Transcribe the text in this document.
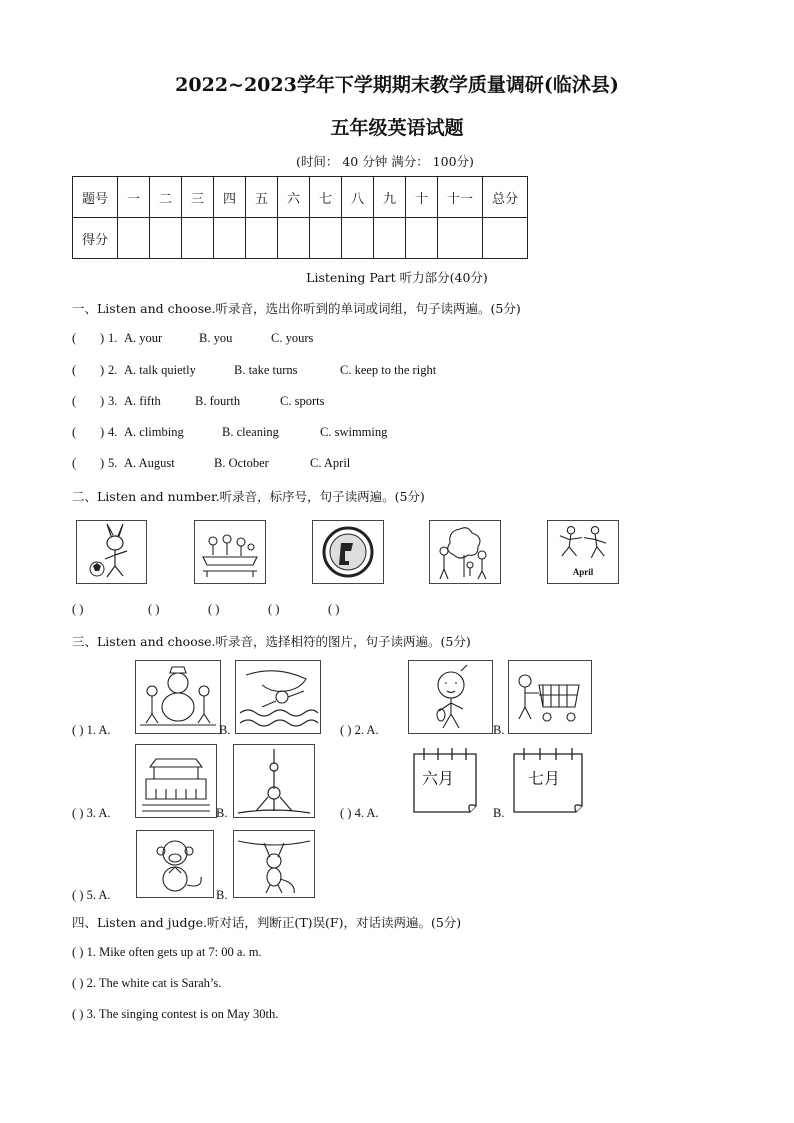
2022~2023学年下学期期末教学质量调研(临沭县)
五年级英语试题
(时间： 40 分钟 满分： 100分)
题号	一	二	三	四	五	六	七	八	九	十	十一	总分
得分												
Listening Part 听力部分(40分)
一、Listen and choose.听录音，选出你听到的单词或词组，句子读两遍。(5分)
( ) 1. A. your	B. you	C. yours
( ) 2. A. talk quietly	B. take turns	C. keep to the right
( ) 3. A. fifth	B. fourth	C. sports
( ) 4. A. climbing	B. cleaning	C. swimming
( ) 5. A. August	B. October	C. April
二、Listen and number.听录音，标序号，句子读两遍。(5分)
April
( )	( )	( )	( )	( )
三、Listen and choose.听录音，选择相符的图片，句子读两遍。(5分)
( ) 1. A.	B.	( ) 2. A.	B.
( ) 3. A.	B.	( ) 4. A.
六月
B.
七月
( ) 5. A.	B.
四、Listen and judge.听对话，判断正(T)误(F)，对话读两遍。(5分)
( ) 1. Mike often gets up at 7: 00 a. m.
( ) 2. The white cat is Sarah’s.
( ) 3. The singing contest is on May 30th.
